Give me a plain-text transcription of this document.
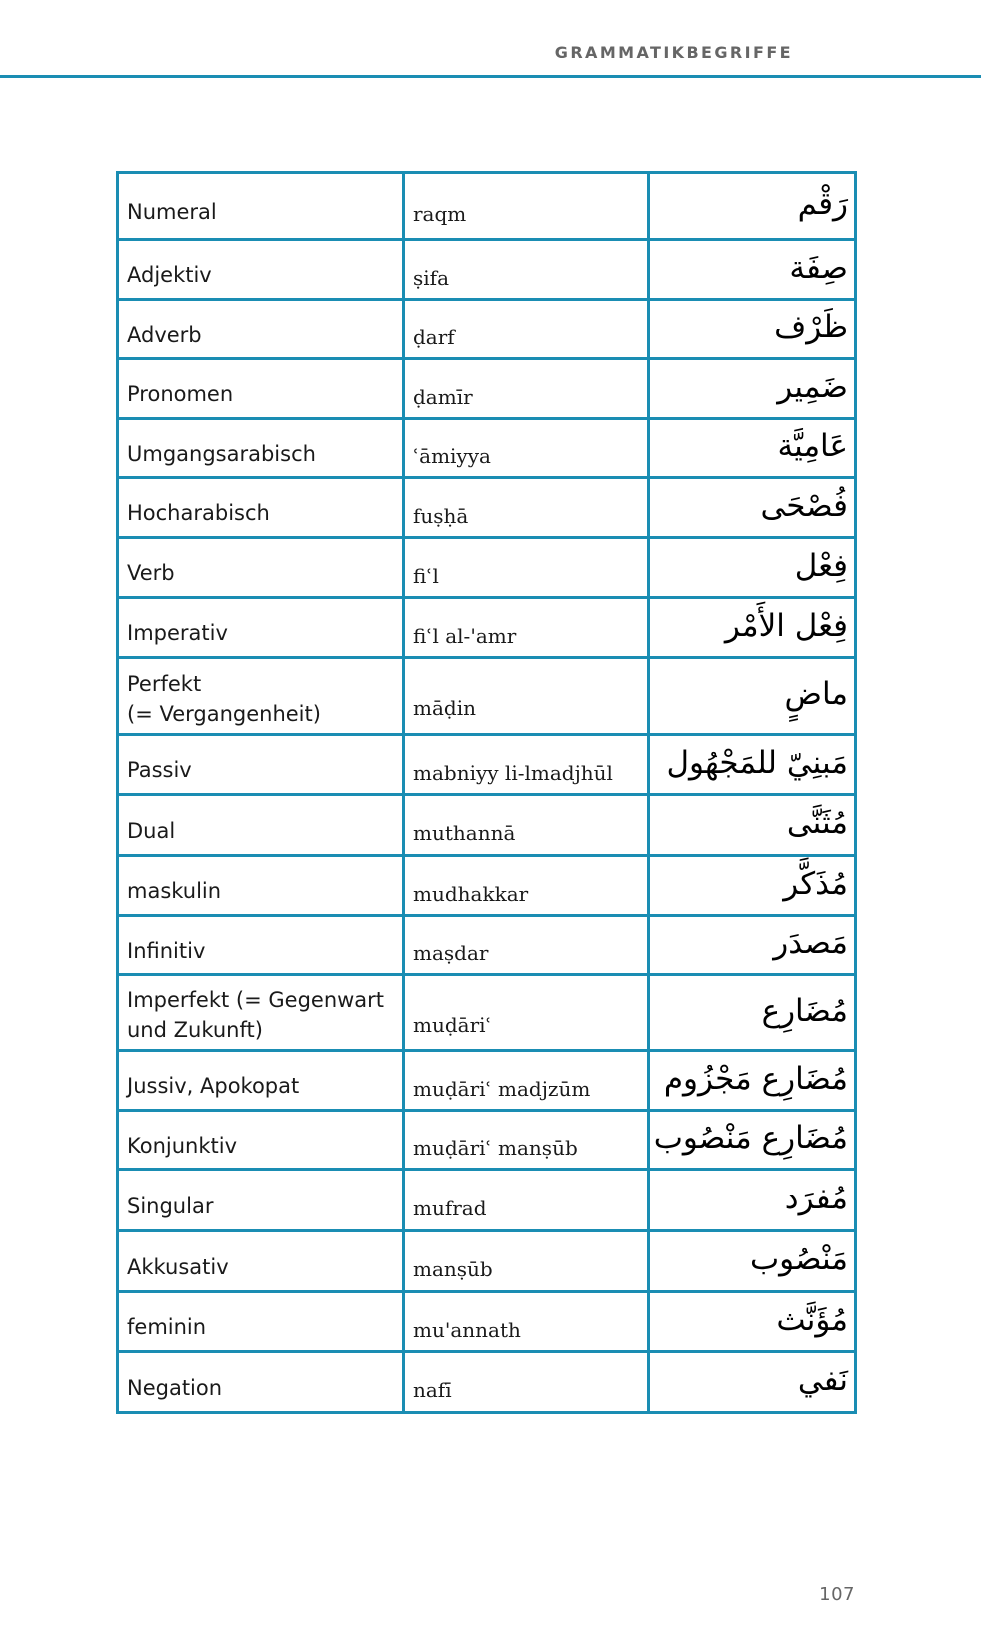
GRAMMATIKBEGRIFFE
Numeral	raqm	رَقْم

Adjektiv	ṣifa	صِفَة

Adverb	ḍarf	ظَرْف

Pronomen	ḍamīr	ضَمِير

Umgangsarabisch	ʿāmiyya	عَامِيَّة

Hocharabisch	fuṣḥā	فُصْحَى

Verb	fiʿl	فِعْل

Imperativ	fiʿl al-'amr	فِعْل الأَمْر

Perfekt
(= Vergangenheit)	māḍin	ماضٍ

Passiv	mabniyy li-lmadjhūl	مَبنِيّ للمَجْهُول

Dual	muthannā	مُثَنَّى

maskulin	mudhakkar	مُذَكَّر

Infinitiv	maṣdar	مَصدَر

Imperfekt (= Gegenwart
und Zukunft)	muḍāriʿ	مُضَارِع

Jussiv, Apokopat	muḍāriʿ madjzūm	مُضَارِع مَجْزُوم

Konjunktiv	muḍāriʿ manṣūb	مُضَارِع مَنْصُوب

Singular	mufrad	مُفرَد

Akkusativ	manṣūb	مَنْصُوب

feminin	mu'annath	مُؤَنَّث

Negation	nafī	نَفي
107
